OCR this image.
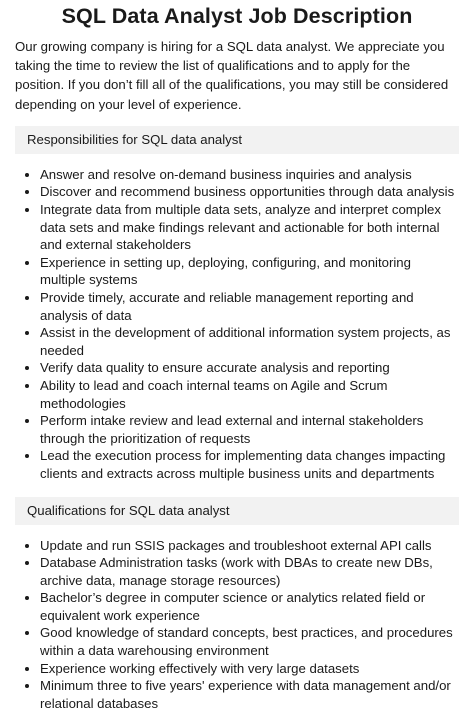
SQL Data Analyst Job Description

Our growing company is hiring for a SQL data analyst. We appreciate you taking the time to review the list of qualifications and to apply for the position. If you don’t fill all of the qualifications, you may still be considered depending on your level of experience.

Responsibilities for SQL data analyst
• Answer and resolve on-demand business inquiries and analysis
• Discover and recommend business opportunities through data analysis
• Integrate data from multiple data sets, analyze and interpret complex data sets and make findings relevant and actionable for both internal and external stakeholders
• Experience in setting up, deploying, configuring, and monitoring multiple systems
• Provide timely, accurate and reliable management reporting and analysis of data
• Assist in the development of additional information system projects, as needed
• Verify data quality to ensure accurate analysis and reporting
• Ability to lead and coach internal teams on Agile and Scrum methodologies
• Perform intake review and lead external and internal stakeholders through the prioritization of requests
• Lead the execution process for implementing data changes impacting clients and extracts across multiple business units and departments
Qualifications for SQL data analyst
• Update and run SSIS packages and troubleshoot external API calls
• Database Administration tasks (work with DBAs to create new DBs, archive data, manage storage resources)
• Bachelor’s degree in computer science or analytics related field or equivalent work experience
• Good knowledge of standard concepts, best practices, and procedures within a data warehousing environment
• Experience working effectively with very large datasets
• Minimum three to five years' experience with data management and/or relational databases
